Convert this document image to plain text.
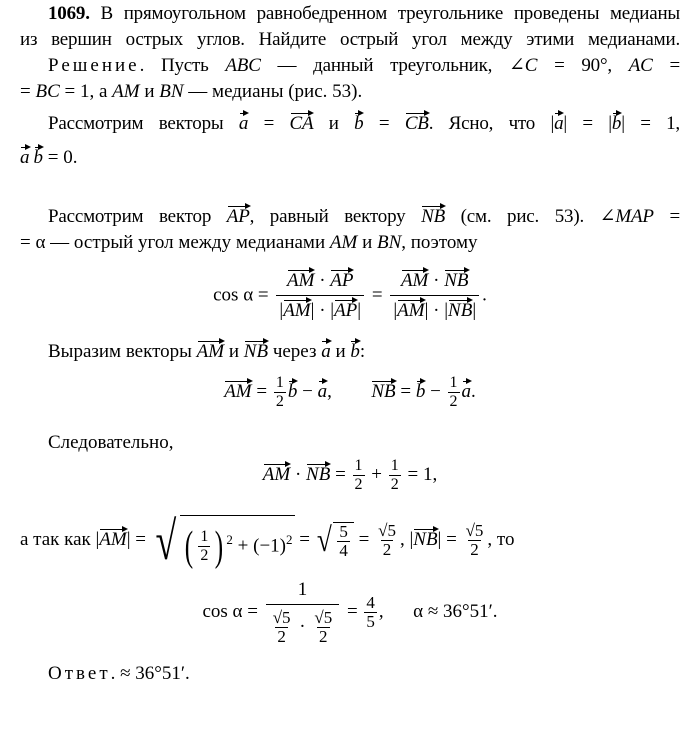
1069. В прямоугольном равнобедренном треугольнике проведены медианы
из вершин острых углов. Найдите острый угол между этими медианами.
Решение. Пусть ABC — данный треугольник, ∠C = 90°, AC =
= BC = 1, а AM и BN — медианы (рис. 53).
Рассмотрим векторы a = CA и b = CB. Ясно, что |a| = |b| = 1,
a b = 0.
Рассмотрим вектор AP, равный вектору NB (см. рис. 53). ∠MAP =
= α — острый угол между медианами AM и BN, поэтому
$\cos \alpha = \frac{AM \cdot AP}{|AM| \cdot |AP|} = \frac{AM \cdot NB}{|AM| \cdot |NB|}$ .
Выразим векторы AM и NB через a и b:
AM = $\frac{1}{2}$ b − a, NB = $b - \frac{1}{2} a$.
Следовательно,
AM · NB = $\frac{1}{2} + \frac{1}{2} = 1$,
а так как |AM| = √ ( $\frac{1}{2}$ ) $^2 + (-1)^2$ = √ $\frac{5}{4} = \frac{√5}{2}$ , $|NB| = \frac{√5}{2}$ , то
$\cos \alpha = \frac{1}{\frac{√5}{2} \cdot \frac{√5}{2}} = \frac{4}{5}$ , α ≈ 36°51′.
Ответ. ≈ 36°51′.
